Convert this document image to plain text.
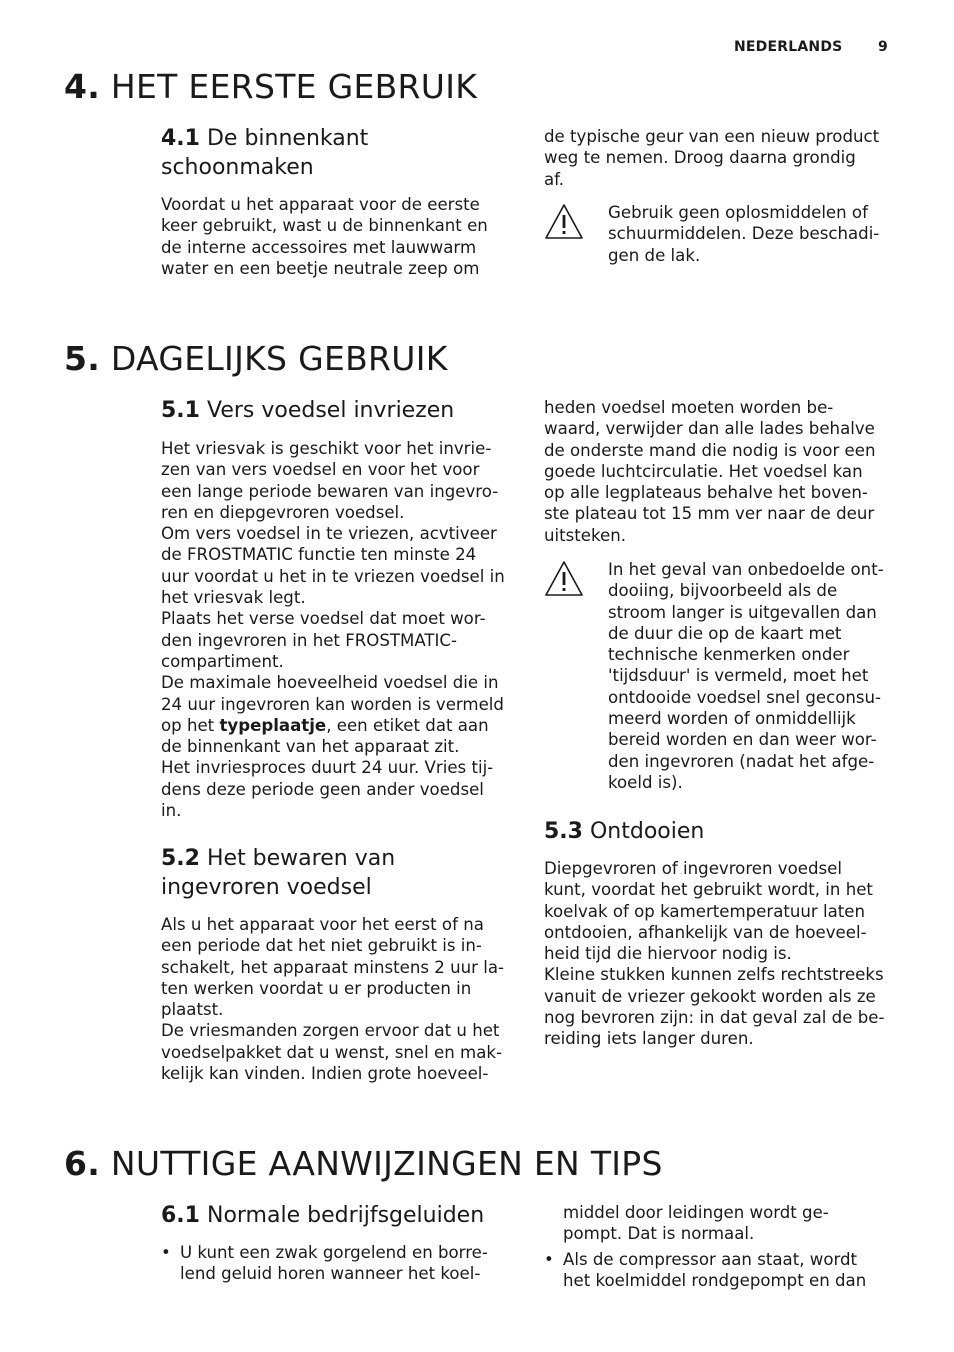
NEDERLANDS	9
4. HET EERSTE GEBRUIK
4.1 De binnenkant
schoonmaken
Voordat u het apparaat voor de eerste
keer gebruikt, wast u de binnenkant en
de interne accessoires met lauwwarm
water en een beetje neutrale zeep om
de typische geur van een nieuw product
weg te nemen. Droog daarna grondig
af.
Gebruik geen oplosmiddelen of
schuurmiddelen. Deze beschadi-
gen de lak.
5. DAGELIJKS GEBRUIK
5.1 Vers voedsel invriezen
Het vriesvak is geschikt voor het invrie-
zen van vers voedsel en voor het voor
een lange periode bewaren van ingevro-
ren en diepgevroren voedsel.
Om vers voedsel in te vriezen, acvtiveer
de FROSTMATIC functie ten minste 24
uur voordat u het in te vriezen voedsel in
het vriesvak legt.
Plaats het verse voedsel dat moet wor-
den ingevroren in het FROSTMATIC-
compartiment.
De maximale hoeveelheid voedsel die in
24 uur ingevroren kan worden is vermeld
op het typeplaatje, een etiket dat aan
de binnenkant van het apparaat zit.
Het invriesproces duurt 24 uur. Vries tij-
dens deze periode geen ander voedsel
in.
5.2 Het bewaren van
ingevroren voedsel
Als u het apparaat voor het eerst of na
een periode dat het niet gebruikt is in-
schakelt, het apparaat minstens 2 uur la-
ten werken voordat u er producten in
plaatst.
De vriesmanden zorgen ervoor dat u het
voedselpakket dat u wenst, snel en mak-
kelijk kan vinden. Indien grote hoeveel-
heden voedsel moeten worden be-
waard, verwijder dan alle lades behalve
de onderste mand die nodig is voor een
goede luchtcirculatie. Het voedsel kan
op alle legplateaus behalve het boven-
ste plateau tot 15 mm ver naar de deur
uitsteken.
In het geval van onbedoelde ont-
dooiing, bijvoorbeeld als de
stroom langer is uitgevallen dan
de duur die op de kaart met
technische kenmerken onder
'tijdsduur' is vermeld, moet het
ontdooide voedsel snel geconsu-
meerd worden of onmiddellijk
bereid worden en dan weer wor-
den ingevroren (nadat het afge-
koeld is).
5.3 Ontdooien
Diepgevroren of ingevroren voedsel
kunt, voordat het gebruikt wordt, in het
koelvak of op kamertemperatuur laten
ontdooien, afhankelijk van de hoeveel-
heid tijd die hiervoor nodig is.
Kleine stukken kunnen zelfs rechtstreeks
vanuit de vriezer gekookt worden als ze
nog bevroren zijn: in dat geval zal de be-
reiding iets langer duren.
6. NUTTIGE AANWIJZINGEN EN TIPS
6.1 Normale bedrijfsgeluiden
• U kunt een zwak gorgelend en borre-
lend geluid horen wanneer het koel-
middel door leidingen wordt ge-
pompt. Dat is normaal.
• Als de compressor aan staat, wordt
het koelmiddel rondgepompt en dan
